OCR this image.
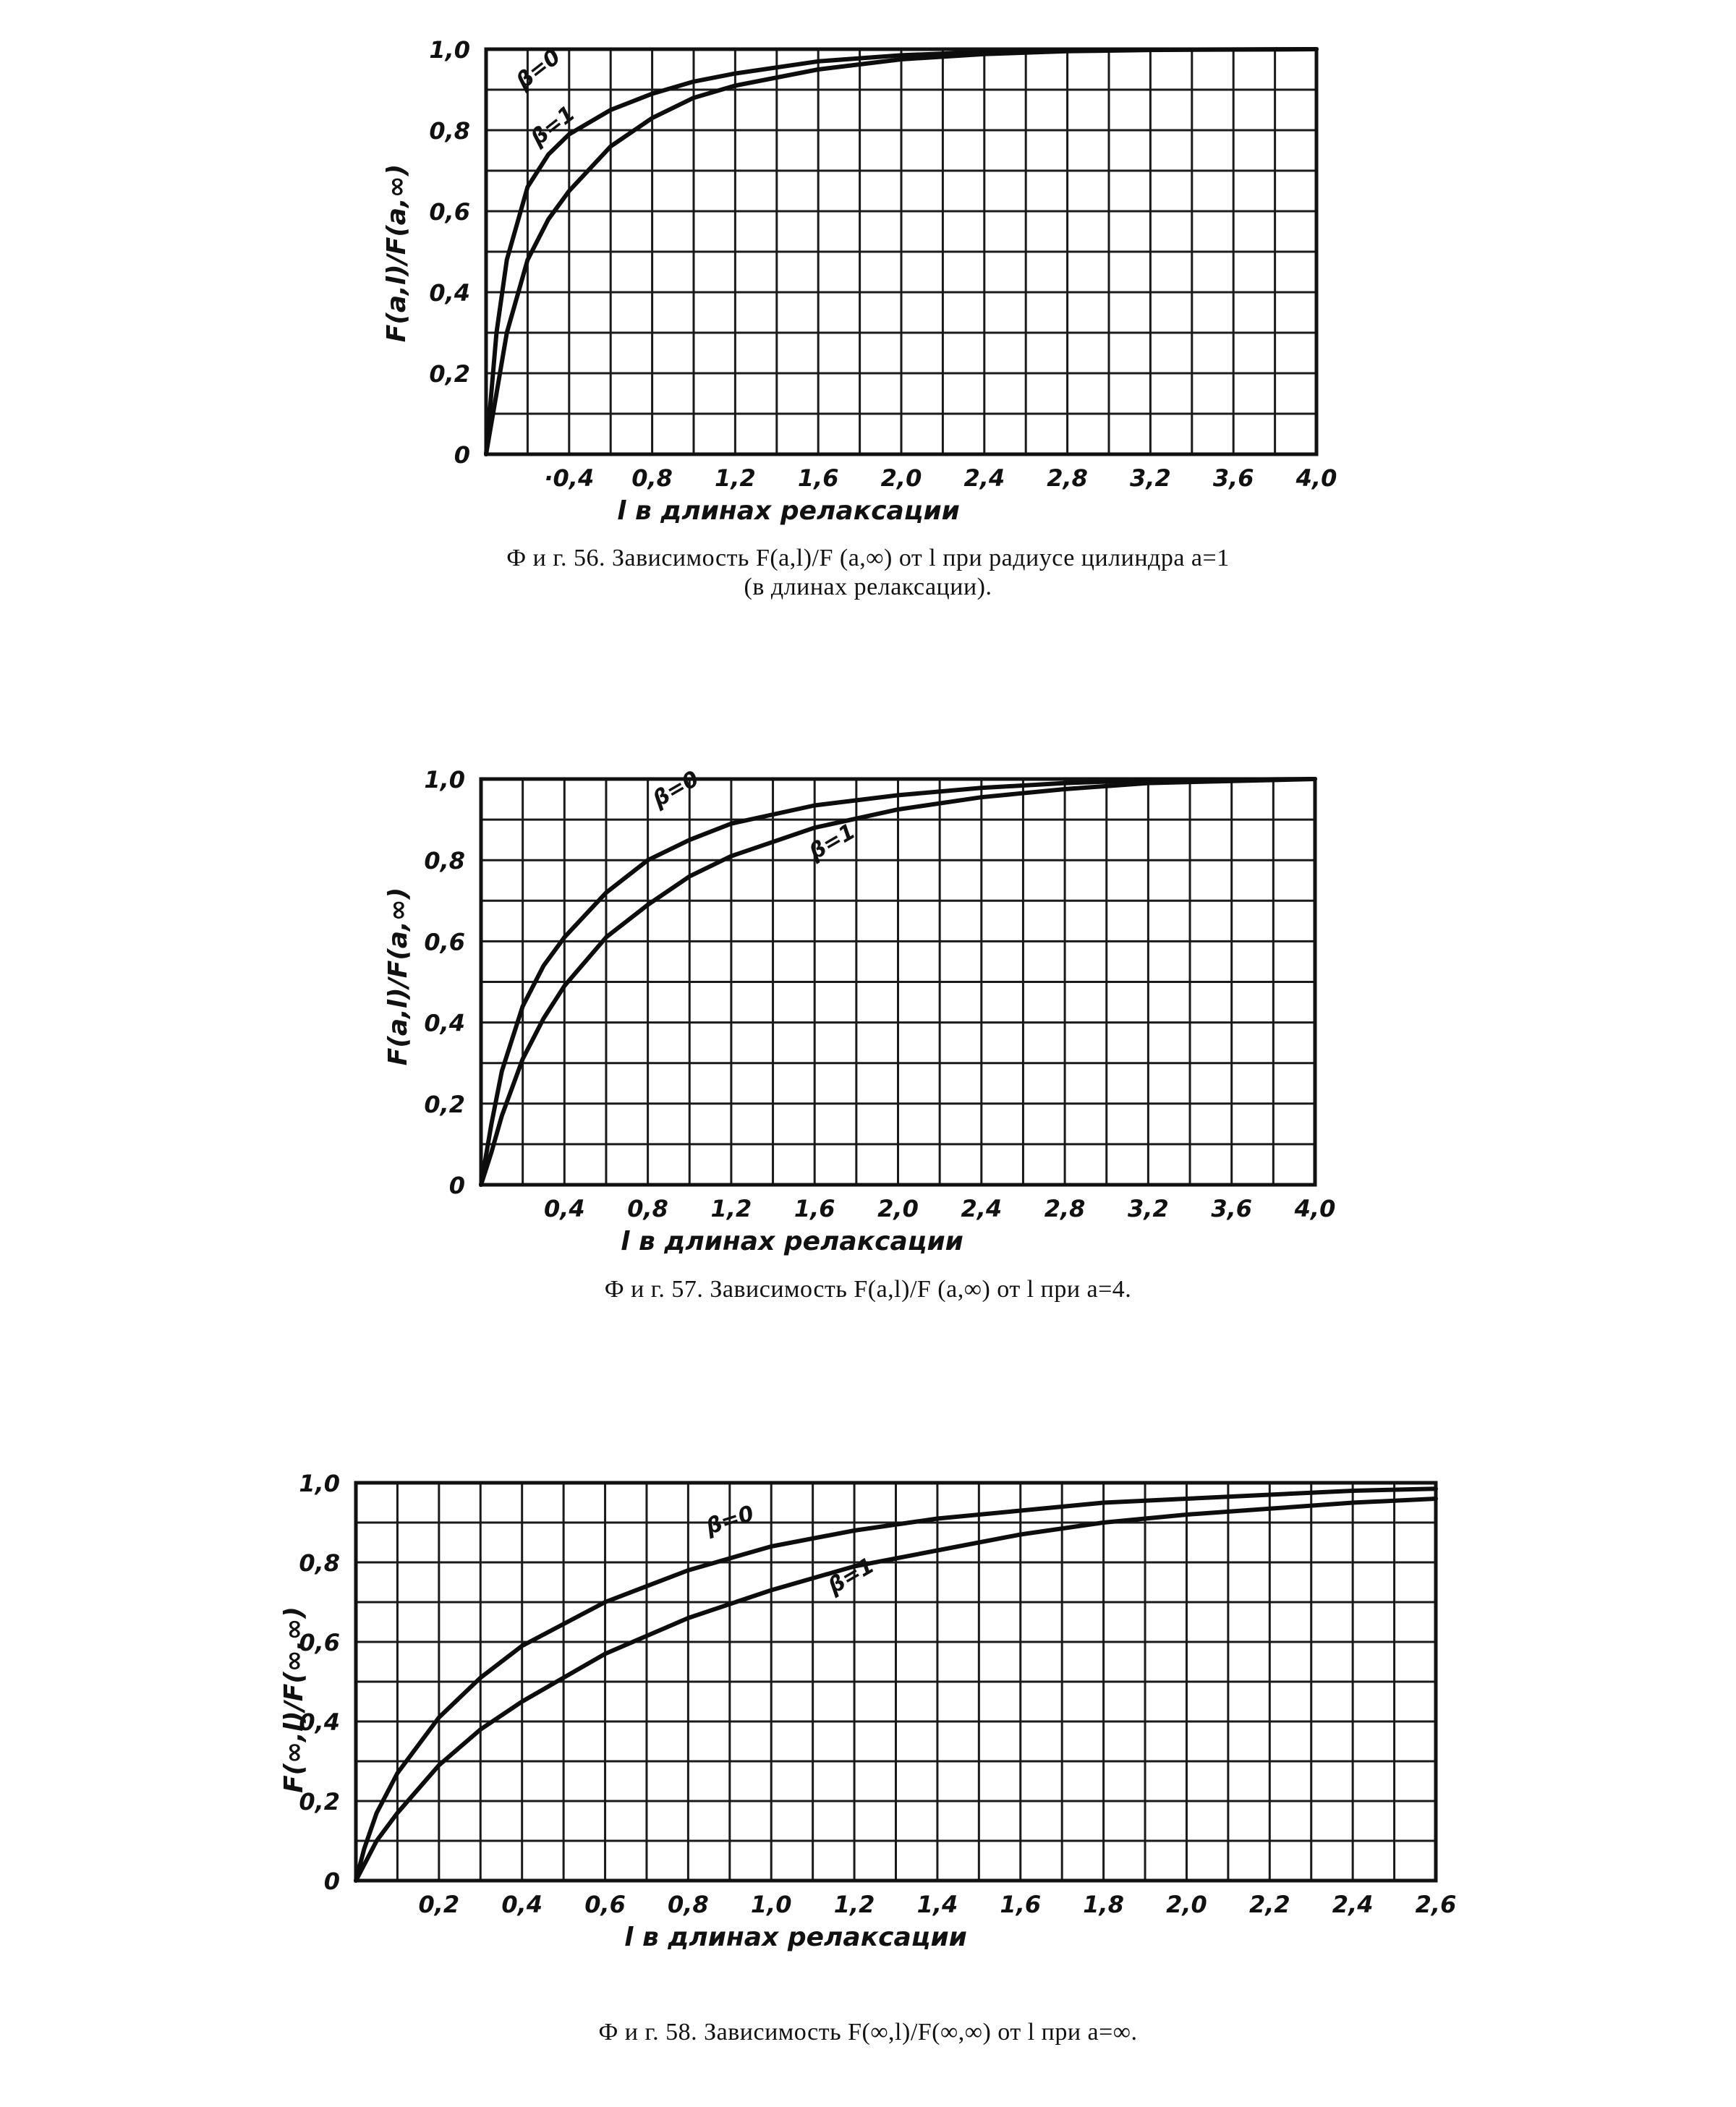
β=0
β=1
·0,4 0,8 1,2 1,6 2,0 2,4 2,8 3,2 3,6 4,0
0
0,2
0,4
0,6
0,8
1,0
l в длинах релаксации
F(a,l)/F(a,∞)
Ф и г. 56. Зависимость F(a,l)/F (a,∞) от l при радиусе цилиндра a=1
(в длинах релаксации).
β=0
β=1
0,4 0,8 1,2 1,6 2,0 2,4 2,8 3,2 3,6 4,0
0
0,2
0,4
0,6
0,8
1,0
l в длинах релаксации
F(a,l)/F(a,∞)
Ф и г. 57. Зависимость F(a,l)/F (a,∞) от l при a=4.
β=0
β=1
0,2 0,4 0,6 0,8 1,0 1,2 1,4 1,6 1,8 2,0 2,2 2,4 2,6
0
0,2
0,4
0,6
0,8
1,0
l в длинах релаксации
F(∞,l)/F(∞,∞)
Ф и г. 58. Зависимость F(∞,l)/F(∞,∞) от l при a=∞.
